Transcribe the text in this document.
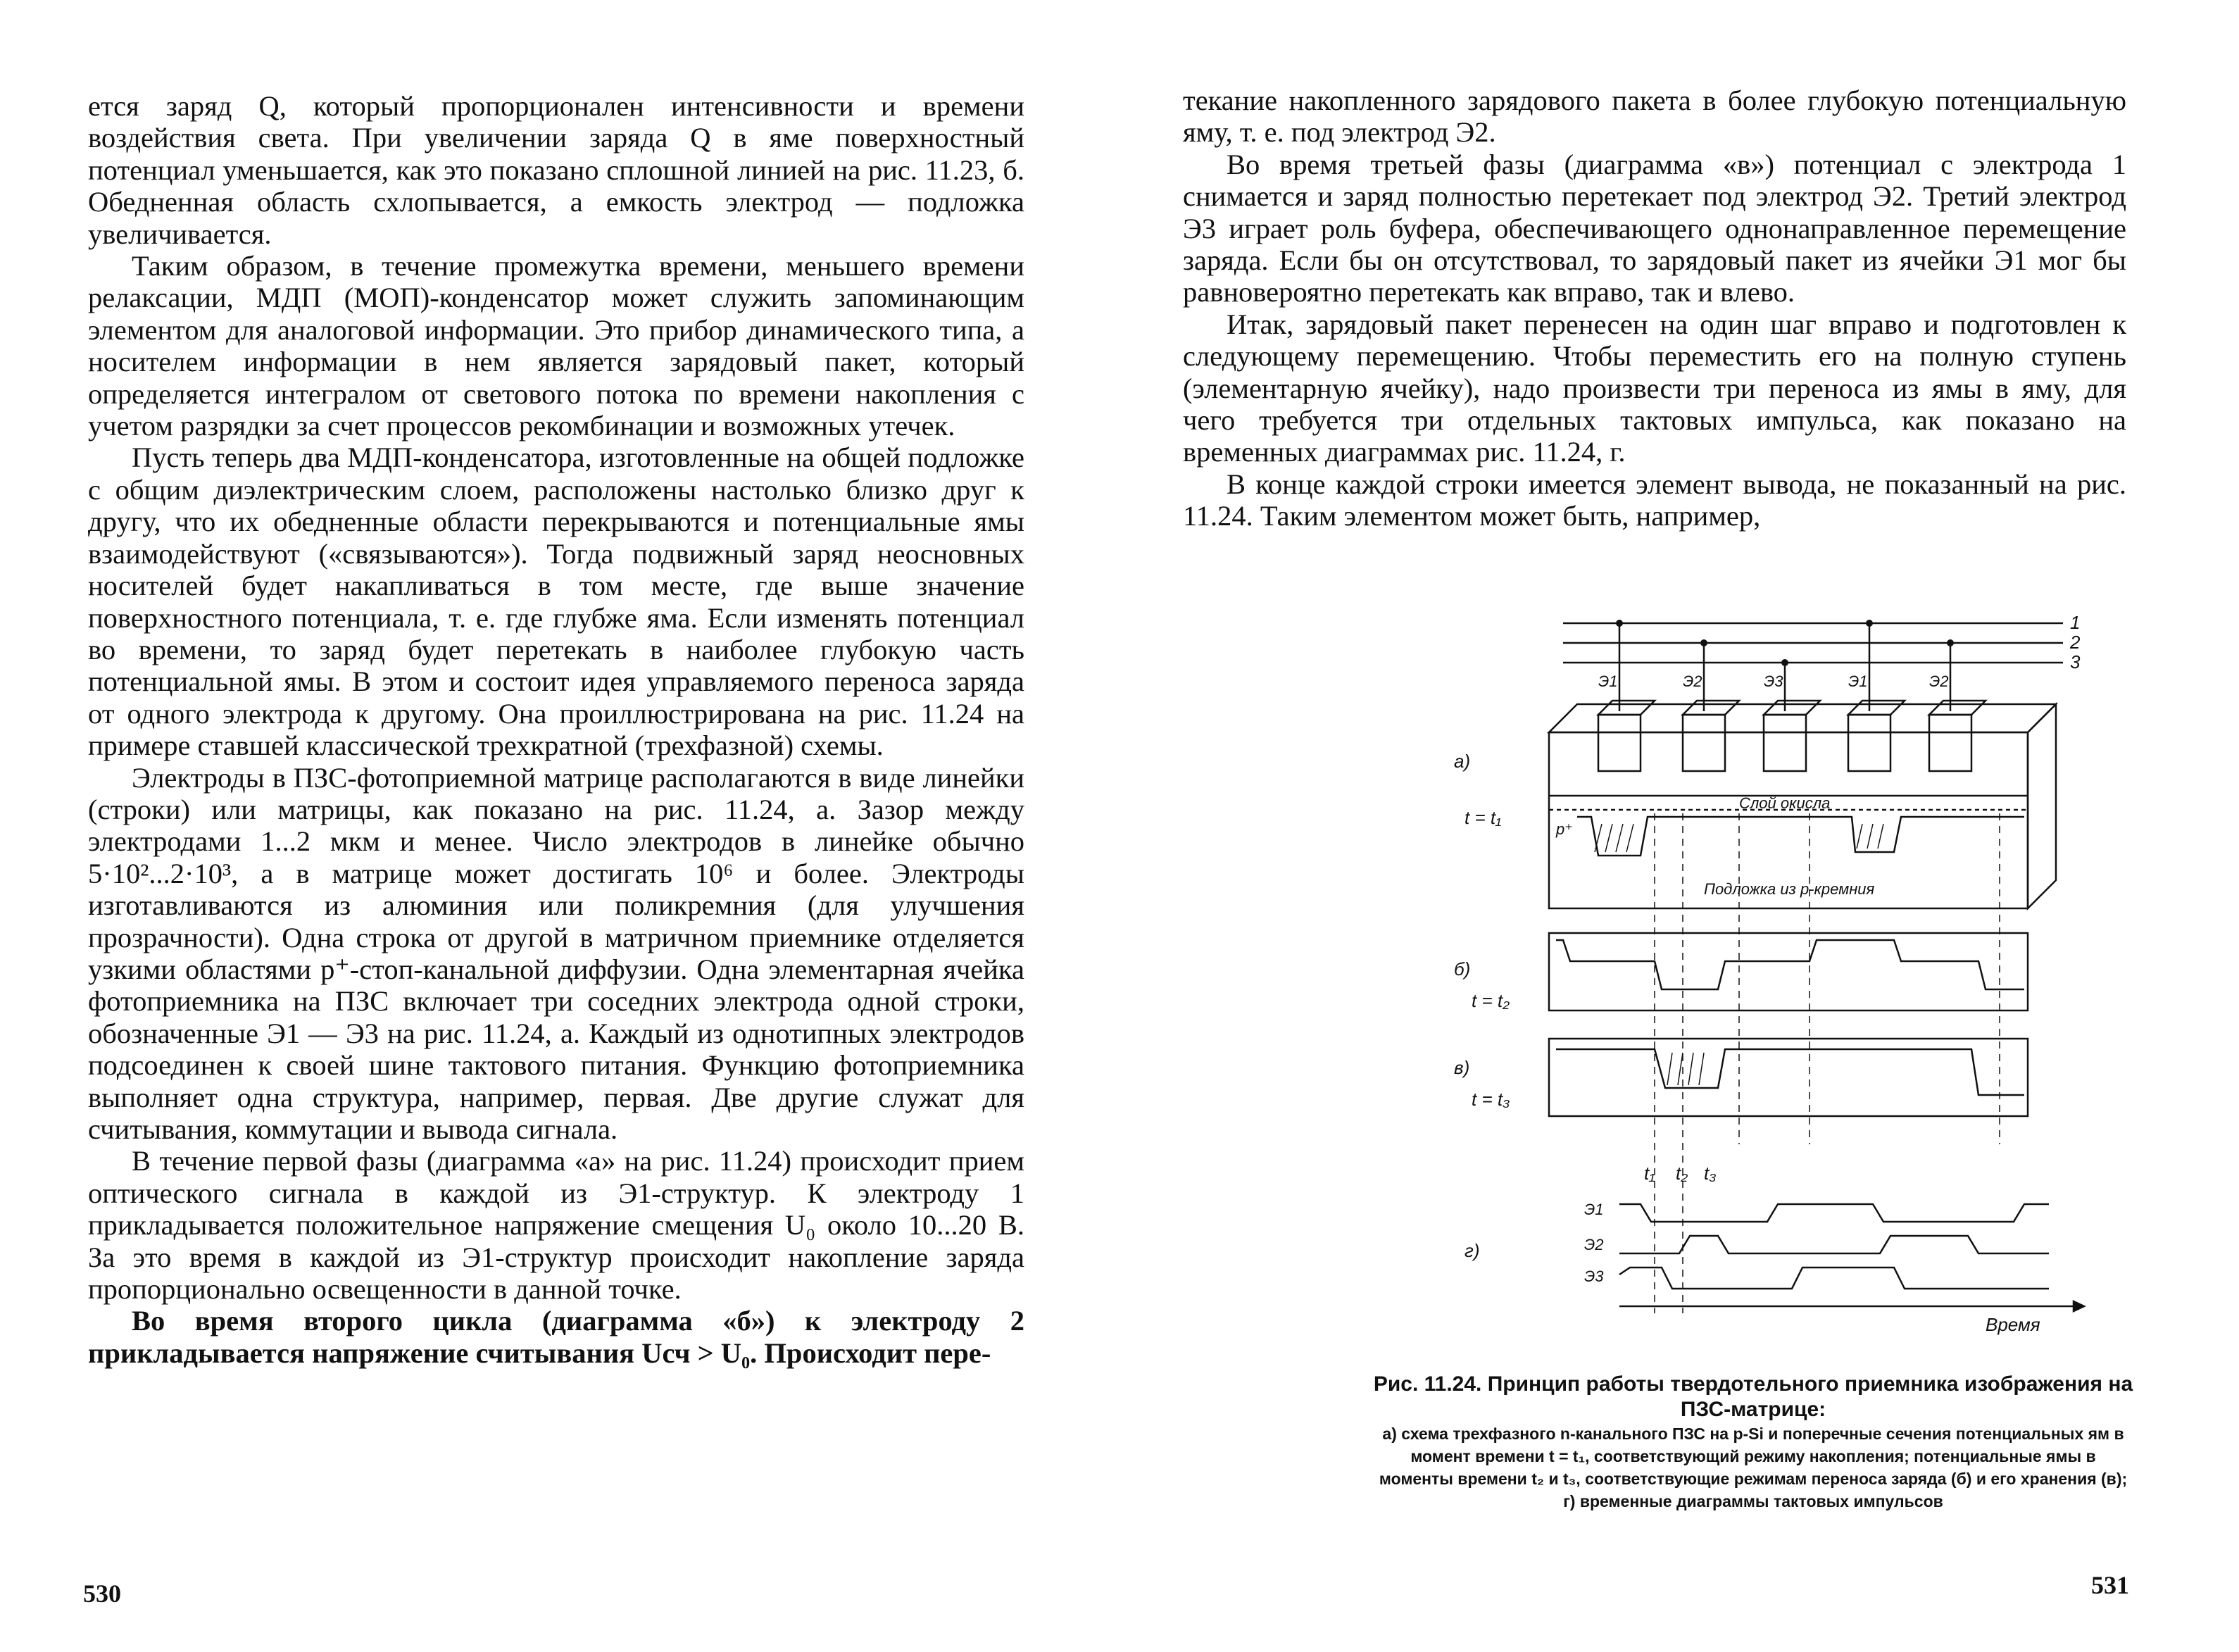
ется заряд Q, который пропорционален интенсивности и времени воздействия света. При увеличении заряда Q в яме поверхностный потенциал уменьшается, как это показано сплошной линией на рис. 11.23, б. Обедненная область схлопывается, а емкость электрод — подложка увеличивается.

Таким образом, в течение промежутка времени, меньшего времени релаксации, МДП (МОП)-конденсатор может служить запоминающим элементом для аналоговой информации. Это прибор динамического типа, а носителем информации в нем является зарядовый пакет, который определяется интегралом от светового потока по времени накопления с учетом разрядки за счет процессов рекомбинации и возможных утечек.

Пусть теперь два МДП-конденсатора, изготовленные на общей подложке с общим диэлектрическим слоем, расположены настолько близко друг к другу, что их обедненные области перекрываются и потенциальные ямы взаимодействуют («связываются»). Тогда подвижный заряд неосновных носителей будет накапливаться в том месте, где выше значение поверхностного потенциала, т. е. где глубже яма. Если изменять потенциал во времени, то заряд будет перетекать в наиболее глубокую часть потенциальной ямы. В этом и состоит идея управляемого переноса заряда от одного электрода к другому. Она проиллюстрирована на рис. 11.24 на примере ставшей классической трехкратной (трехфазной) схемы.

Электроды в ПЗС-фотоприемной матрице располагаются в виде линейки (строки) или матрицы, как показано на рис. 11.24, а. Зазор между электродами 1...2 мкм и менее. Число электродов в линейке обычно 5·10²...2·10³, а в матрице может достигать 10⁶ и более. Электроды изготавливаются из алюминия или поликремния (для улучшения прозрачности). Одна строка от другой в матричном приемнике отделяется узкими областями p⁺-стоп-канальной диффузии. Одна элементарная ячейка фотоприемника на ПЗС включает три соседних электрода одной строки, обозначенные Э1 — Э3 на рис. 11.24, а. Каждый из однотипных электродов подсоединен к своей шине тактового питания. Функцию фотоприемника выполняет одна структура, например, первая. Две другие служат для считывания, коммутации и вывода сигнала.

В течение первой фазы (диаграмма «а» на рис. 11.24) происходит прием оптического сигнала в каждой из Э1-структур. К электроду 1 прикладывается положительное напряжение смещения U₀ около 10...20 В. За это время в каждой из Э1-структур происходит накопление заряда пропорционально освещенности в данной точке.

Во время второго цикла (диаграмма «б») к электроду 2 прикладывается напряжение считывания Uсч > U₀. Происходит пере-

530

текание накопленного зарядового пакета в более глубокую потенциальную яму, т. е. под электрод Э2.

Во время третьей фазы (диаграмма «в») потенциал с электрода 1 снимается и заряд полностью перетекает под электрод Э2. Третий электрод Э3 играет роль буфера, обеспечивающего однонаправленное перемещение заряда. Если бы он отсутствовал, то зарядовый пакет из ячейки Э1 мог бы равновероятно перетекать как вправо, так и влево.

Итак, зарядовый пакет перенесен на один шаг вправо и подготовлен к следующему перемещению. Чтобы переместить его на полную ступень (элементарную ячейку), надо произвести три переноса из ямы в яму, для чего требуется три отдельных тактовых импульса, как показано на временных диаграммах рис. 11.24, г.

В конце каждой строки имеется элемент вывода, не показанный на рис. 11.24. Таким элементом может быть, например,

1
2
3
Э1	Э2	Э3	Э1	Э2
а)
t = t₁
p⁺
Слой окисла
Подложка из p-кремния
б)
t = t₂
в)
t = t₃
t₁ t₂ t₃
Э1
г)	Э2
Э3
Время
Рис. 11.24. Принцип работы твердотельного приемника изображения на ПЗС-матрице:
а) схема трехфазного n-канального ПЗС на p-Si и поперечные сечения потенциальных ям в момент времени t = t₁, соответствующий режиму накопления; потенциальные ямы в моменты времени t₂ и t₃, соответствующие режимам переноса заряда (б) и его хранения (в); г) временные диаграммы тактовых импульсов
531
